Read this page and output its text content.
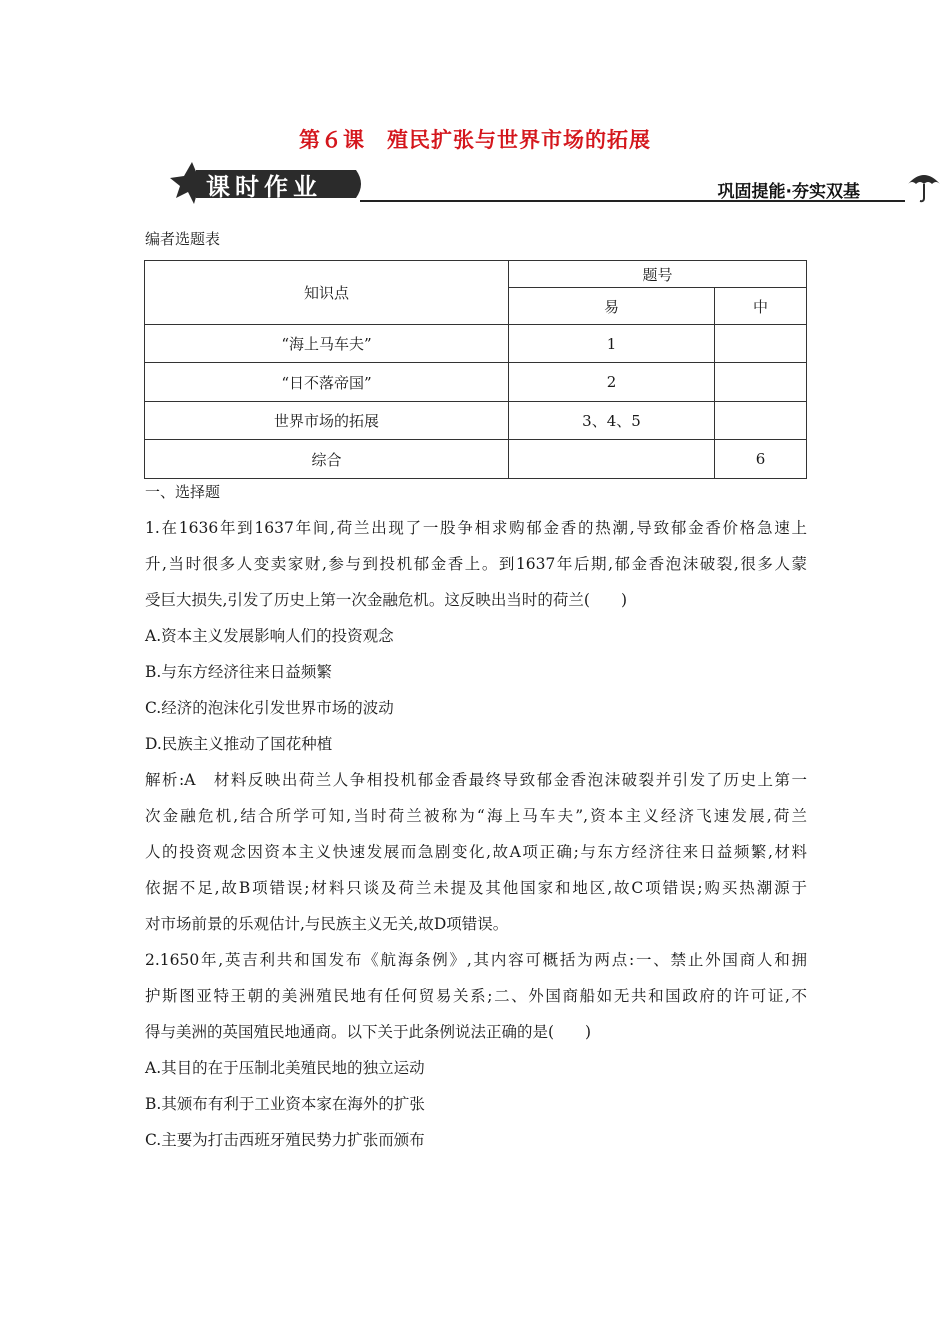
第６课　殖民扩张与世界市场的拓展
课时作业	巩固提能·夯实双基
编者选题表
知识点	题号	
	易	中
“海上马车夫”	1	
“日不落帝国”	2	
世界市场的拓展	3、4、5	
综合		6
一、选择题
1.在1636年到1637年间,荷兰出现了一股争相求购郁金香的热潮,导致郁金香价格急速上
升,当时很多人变卖家财,参与到投机郁金香上。到1637年后期,郁金香泡沫破裂,很多人蒙
受巨大损失,引发了历史上第一次金融危机。这反映出当时的荷兰(　　)
A.资本主义发展影响人们的投资观念
B.与东方经济往来日益频繁
C.经济的泡沫化引发世界市场的波动
D.民族主义推动了国花种植
解析:A　材料反映出荷兰人争相投机郁金香最终导致郁金香泡沫破裂并引发了历史上第一
次金融危机,结合所学可知,当时荷兰被称为“海上马车夫”,资本主义经济飞速发展,荷兰
人的投资观念因资本主义快速发展而急剧变化,故A项正确;与东方经济往来日益频繁,材料
依据不足,故B项错误;材料只谈及荷兰未提及其他国家和地区,故C项错误;购买热潮源于
对市场前景的乐观估计,与民族主义无关,故D项错误。
2.1650年,英吉利共和国发布《航海条例》,其内容可概括为两点:一、禁止外国商人和拥
护斯图亚特王朝的美洲殖民地有任何贸易关系;二、外国商船如无共和国政府的许可证,不
得与美洲的英国殖民地通商。以下关于此条例说法正确的是(　　)
A.其目的在于压制北美殖民地的独立运动
B.其颁布有利于工业资本家在海外的扩张
C.主要为打击西班牙殖民势力扩张而颁布
